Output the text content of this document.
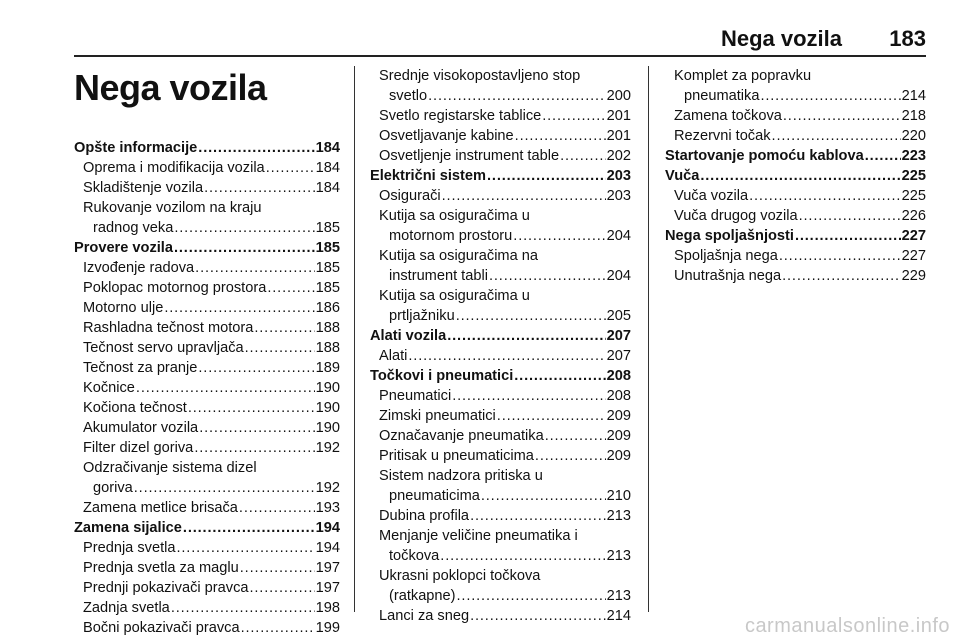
Nega vozila 183
Nega vozila
Opšte informacije . . .	184
Oprema i modifikacija vozila . . .	184
Skladištenje vozila . . .	184
Rukovanje vozilom na kraju
radnog veka . . .	185
Provere vozila . . .	185
Izvođenje radova . . .	185
Poklopac motornog prostora . . .	185
Motorno ulje . . .	186
Rashladna tečnost motora . . .	188
Tečnost servo upravljača . . .	188
Tečnost za pranje . . .	189
Kočnice . . .	190
Kočiona tečnost . . .	190
Akumulator vozila . . .	190
Filter dizel goriva . . .	192
Odzračivanje sistema dizel
goriva . . .	192
Zamena metlice brisača . . .	193
Zamena sijalice . . .	194
Prednja svetla . . .	194
Prednja svetla za maglu . . .	197
Prednji pokazivači pravca . . .	197
Zadnja svetla . . .	198
Bočni pokazivači pravca . . .	199
Srednje visokopostavljeno stop
svetlo . . .	200
Svetlo registarske tablice . . .	201
Osvetljavanje kabine . . .	201
Osvetljenje instrument table . . .	202
Električni sistem . . .	203
Osigurači . . .	203
Kutija sa osiguračima u
motornom prostoru . . .	204
Kutija sa osiguračima na
instrument tabli . . .	204
Kutija sa osiguračima u
prtljažniku . . .	205
Alati vozila . . .	207
Alati . . .	207
Točkovi i pneumatici . . .	208
Pneumatici . . .	208
Zimski pneumatici . . .	209
Označavanje pneumatika . . .	209
Pritisak u pneumaticima . . .	209
Sistem nadzora pritiska u
pneumaticima . . .	210
Dubina profila . . .	213
Menjanje veličine pneumatika i
točkova . . .	213
Ukrasni poklopci točkova
(ratkapne) . . .	213
Lanci za sneg . . .	214
Komplet za popravku
pneumatika . . .	214
Zamena točkova . . .	218
Rezervni točak . . .	220
Startovanje pomoću kablova . . .	223
Vuča . . .	225
Vuča vozila . . .	225
Vuča drugog vozila . . .	226
Nega spoljašnjosti . . .	227
Spoljašnja nega . . .	227
Unutrašnja nega . . .	229
carmanualsonline.info
